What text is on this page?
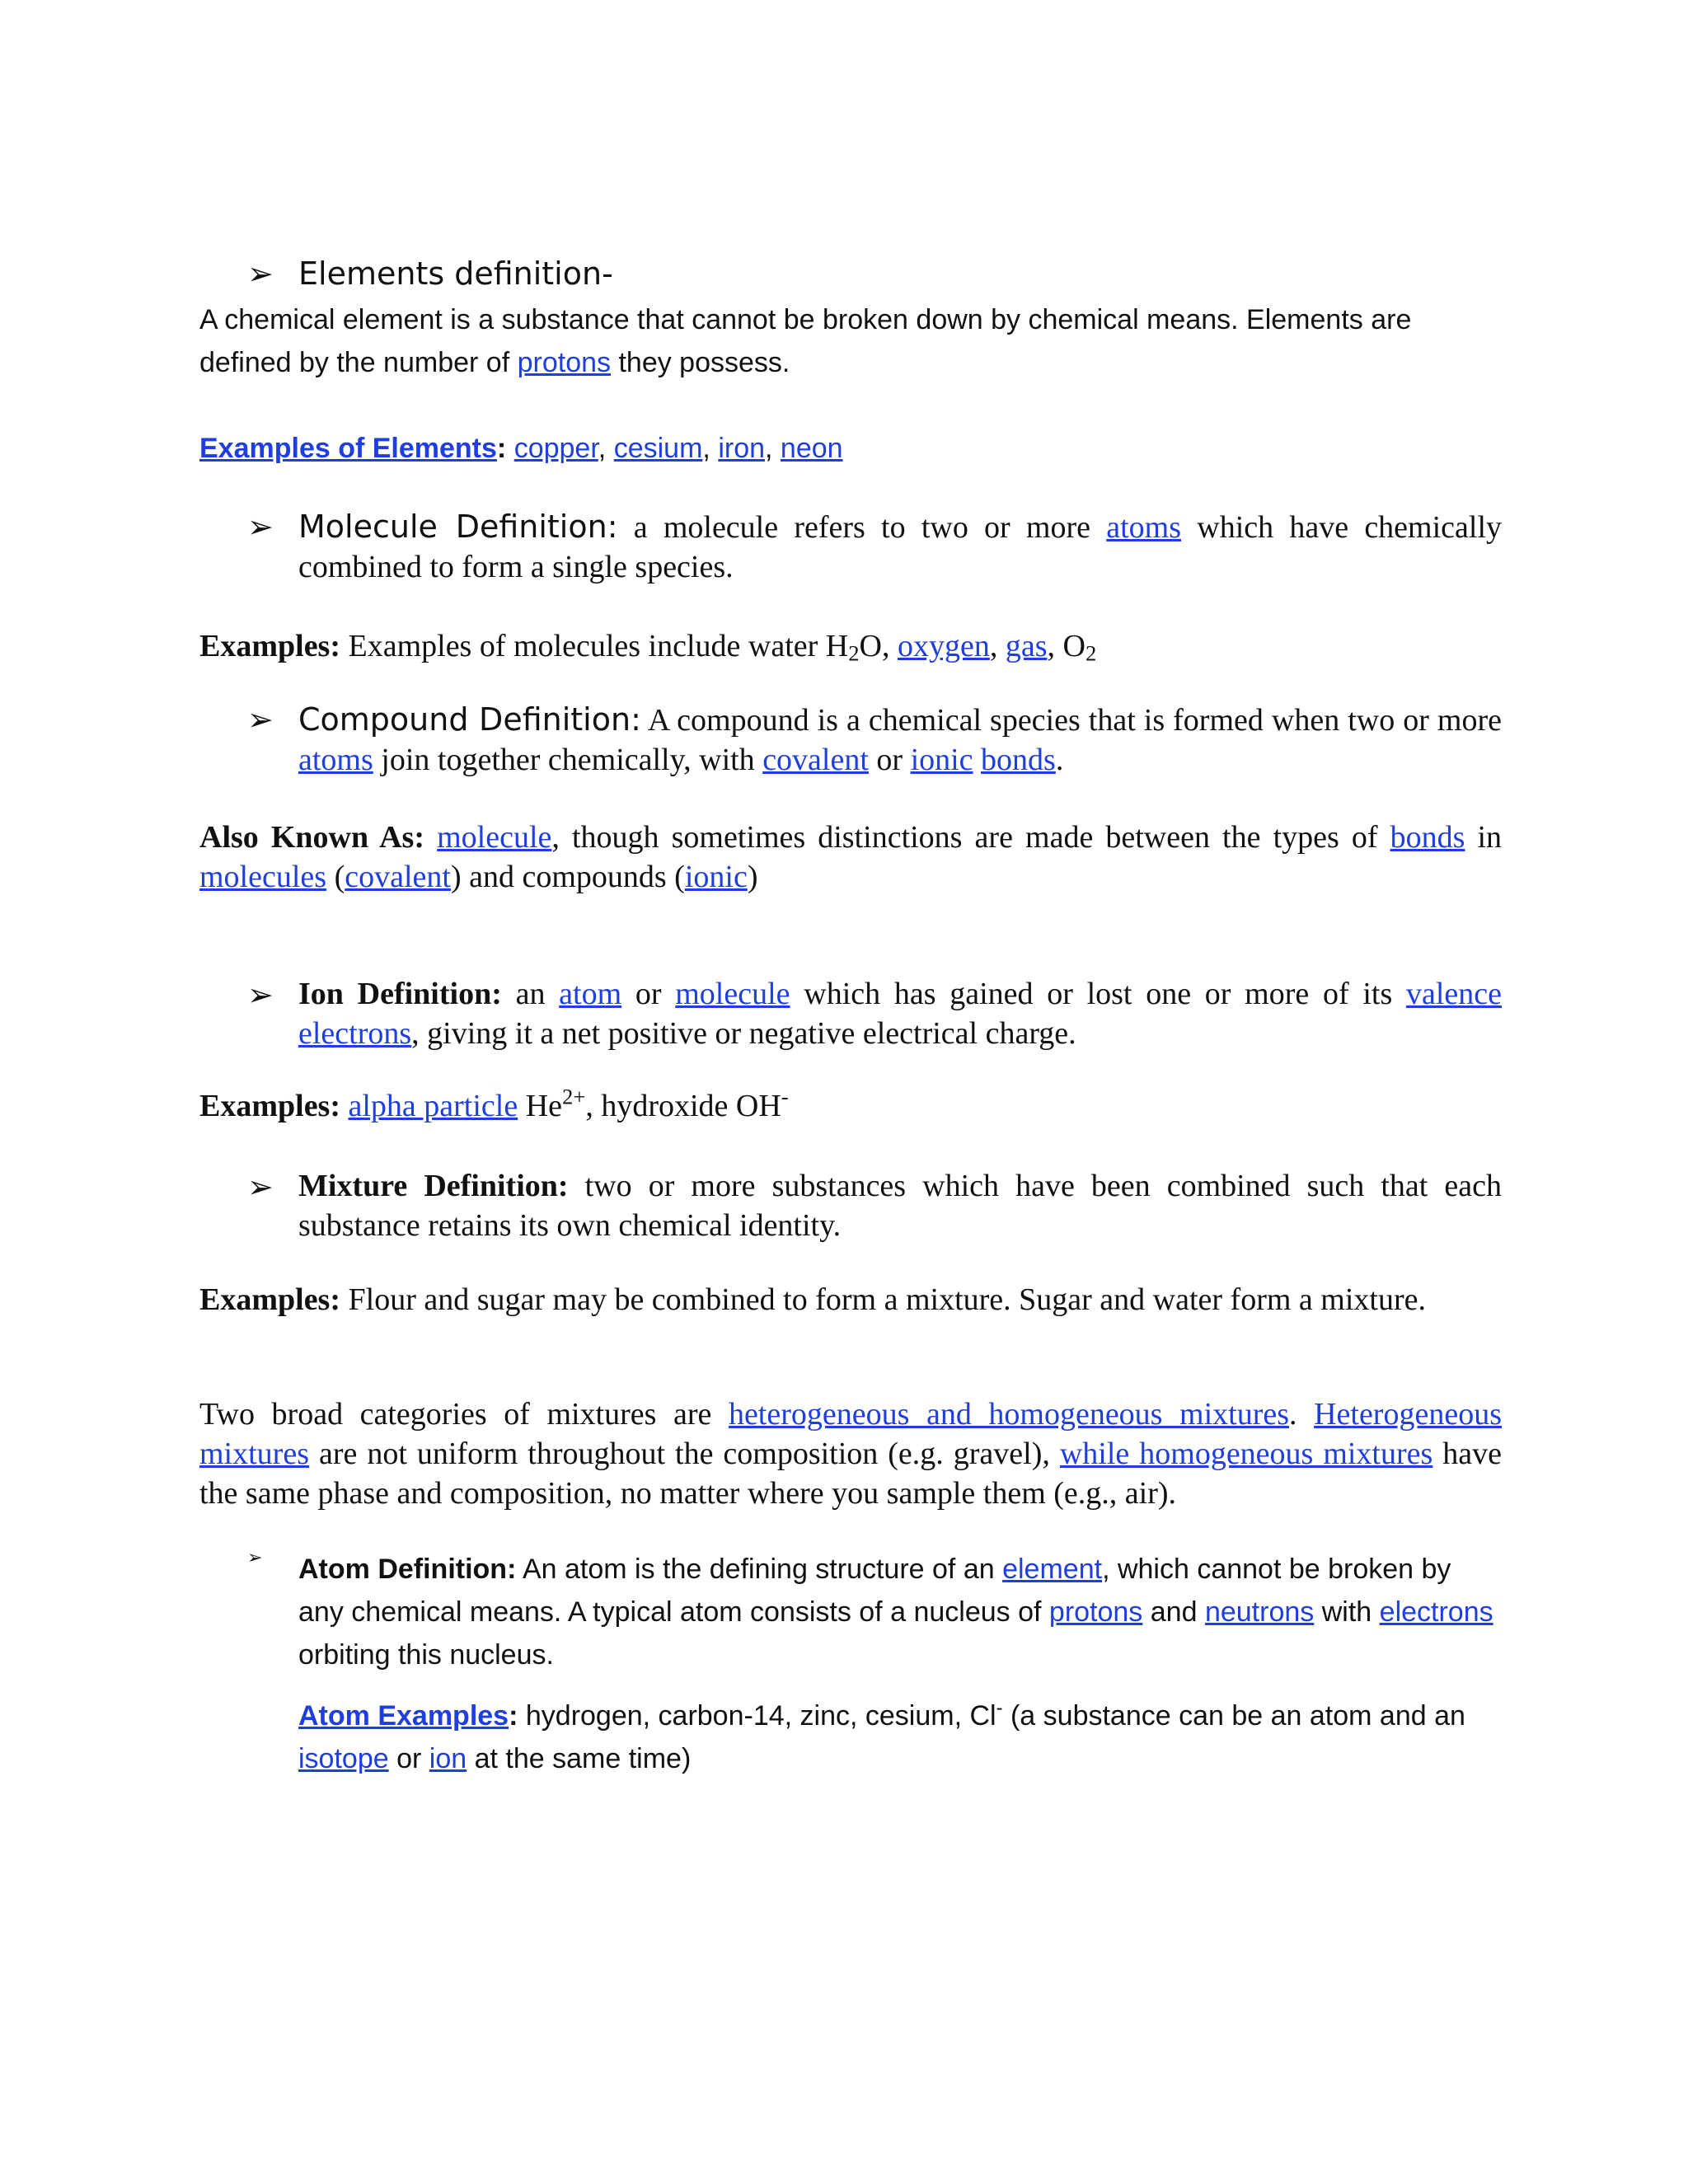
➢ Elements definition-
A chemical element is a substance that cannot be broken down by chemical means. Elements are defined by the number of protons they possess.
Examples of Elements: copper, cesium, iron, neon
➢ Molecule Definition: a molecule refers to two or more atoms which have chemically combined to form a single species.
Examples: Examples of molecules include water $H_2O$, oxygen, gas, $O_2$
➢ Compound Definition: A compound is a chemical species that is formed when two or more atoms join together chemically, with covalent or ionic bonds.
Also Known As: molecule, though sometimes distinctions are made between the types of bonds in molecules (covalent) and compounds (ionic)
➢ Ion Definition: an atom or molecule which has gained or lost one or more of its valence electrons, giving it a net positive or negative electrical charge.
Examples: alpha particle $He^{2+}$, hydroxide OH-
➢ Mixture Definition: two or more substances which have been combined such that each substance retains its own chemical identity.
Examples: Flour and sugar may be combined to form a mixture. Sugar and water form a mixture.
Two broad categories of mixtures are heterogeneous and homogeneous mixtures. Heterogeneous mixtures are not uniform throughout the composition (e.g. gravel), while homogeneous mixtures have the same phase and composition, no matter where you sample them (e.g., air).
➢ Atom Definition: An atom is the defining structure of an element, which cannot be broken by any chemical means. A typical atom consists of a nucleus of protons and neutrons with electrons orbiting this nucleus.
Atom Examples: hydrogen, carbon-14, zinc, cesium, Cl- (a substance can be an atom and an isotope or ion at the same time)
